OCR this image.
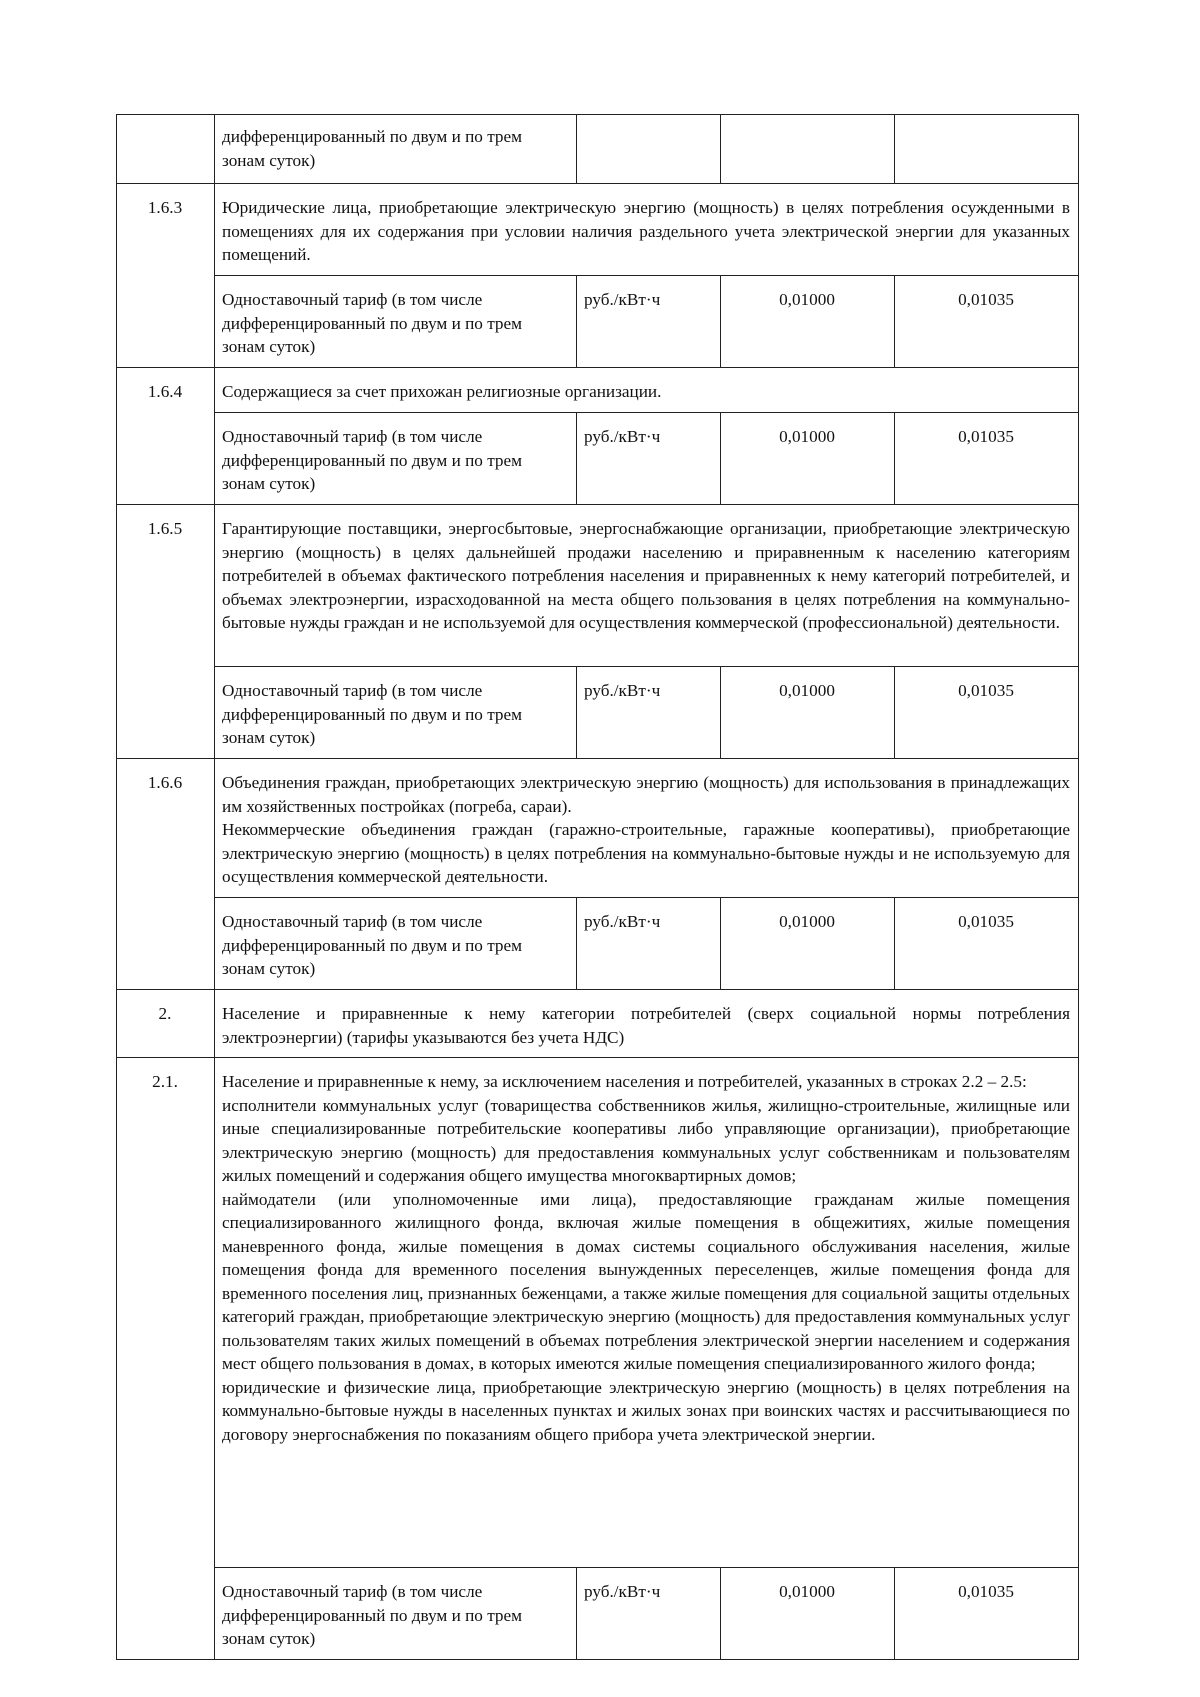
	дифференцированный по двум и по трем зонам суток)			
1.6.3	Юридические лица, приобретающие электрическую энергию (мощность) в целях потребления осужденными в помещениях для их содержания при условии наличия раздельного учета электрической энергии для указанных помещений.			
	Одноставочный тариф (в том числе дифференцированный по двум и по трем зонам суток)	руб./кВт·ч	0,01000	0,01035
1.6.4	Содержащиеся за счет прихожан религиозные организации.			
	Одноставочный тариф (в том числе дифференцированный по двум и по трем зонам суток)	руб./кВт·ч	0,01000	0,01035
1.6.5	Гарантирующие поставщики, энергосбытовые, энергоснабжающие организации, приобретающие электрическую энергию (мощность) в целях дальнейшей продажи населению и приравненным к населению категориям потребителей в объемах фактического потребления населения и приравненных к нему категорий потребителей, и объемах электроэнергии, израсходованной на места общего пользования в целях потребления на коммунально-бытовые нужды граждан и не используемой для осуществления коммерческой (профессиональной) деятельности.			
	Одноставочный тариф (в том числе дифференцированный по двум и по трем зонам суток)	руб./кВт·ч	0,01000	0,01035
1.6.6	Объединения граждан, приобретающих электрическую энергию (мощность) для использования в принадлежащих им хозяйственных постройках (погреба, сараи).
Некоммерческие объединения граждан (гаражно-строительные, гаражные кооперативы), приобретающие электрическую энергию (мощность) в целях потребления на коммунально-бытовые нужды и не используемую для осуществления коммерческой деятельности.			
	Одноставочный тариф (в том числе дифференцированный по двум и по трем зонам суток)	руб./кВт·ч	0,01000	0,01035
2.	Население и приравненные к нему категории потребителей (сверх социальной нормы потребления электроэнергии) (тарифы указываются без учета НДС)			
2.1.	Население и приравненные к нему, за исключением населения и потребителей, указанных в строках 2.2 – 2.5:
исполнители коммунальных услуг (товарищества собственников жилья, жилищно-строительные, жилищные или иные специализированные потребительские кооперативы либо управляющие организации), приобретающие электрическую энергию (мощность) для предоставления коммунальных услуг собственникам и пользователям жилых помещений и содержания общего имущества многоквартирных домов;
наймодатели (или уполномоченные ими лица), предоставляющие гражданам жилые помещения специализированного жилищного фонда, включая жилые помещения в общежитиях, жилые помещения маневренного фонда, жилые помещения в домах системы социального обслуживания населения, жилые помещения фонда для временного поселения вынужденных переселенцев, жилые помещения фонда для временного поселения лиц, признанных беженцами, а также жилые помещения для социальной защиты отдельных категорий граждан, приобретающие электрическую энергию (мощность) для предоставления коммунальных услуг пользователям таких жилых помещений в объемах потребления электрической энергии населением и содержания мест общего пользования в домах, в которых имеются жилые помещения специализированного жилого фонда;
юридические и физические лица, приобретающие электрическую энергию (мощность) в целях потребления на коммунально-бытовые нужды в населенных пунктах и жилых зонах при воинских частях и рассчитывающиеся по договору энергоснабжения по показаниям общего прибора учета электрической энергии.			
	Одноставочный тариф (в том числе дифференцированный по двум и по трем зонам суток)	руб./кВт·ч	0,01000	0,01035
